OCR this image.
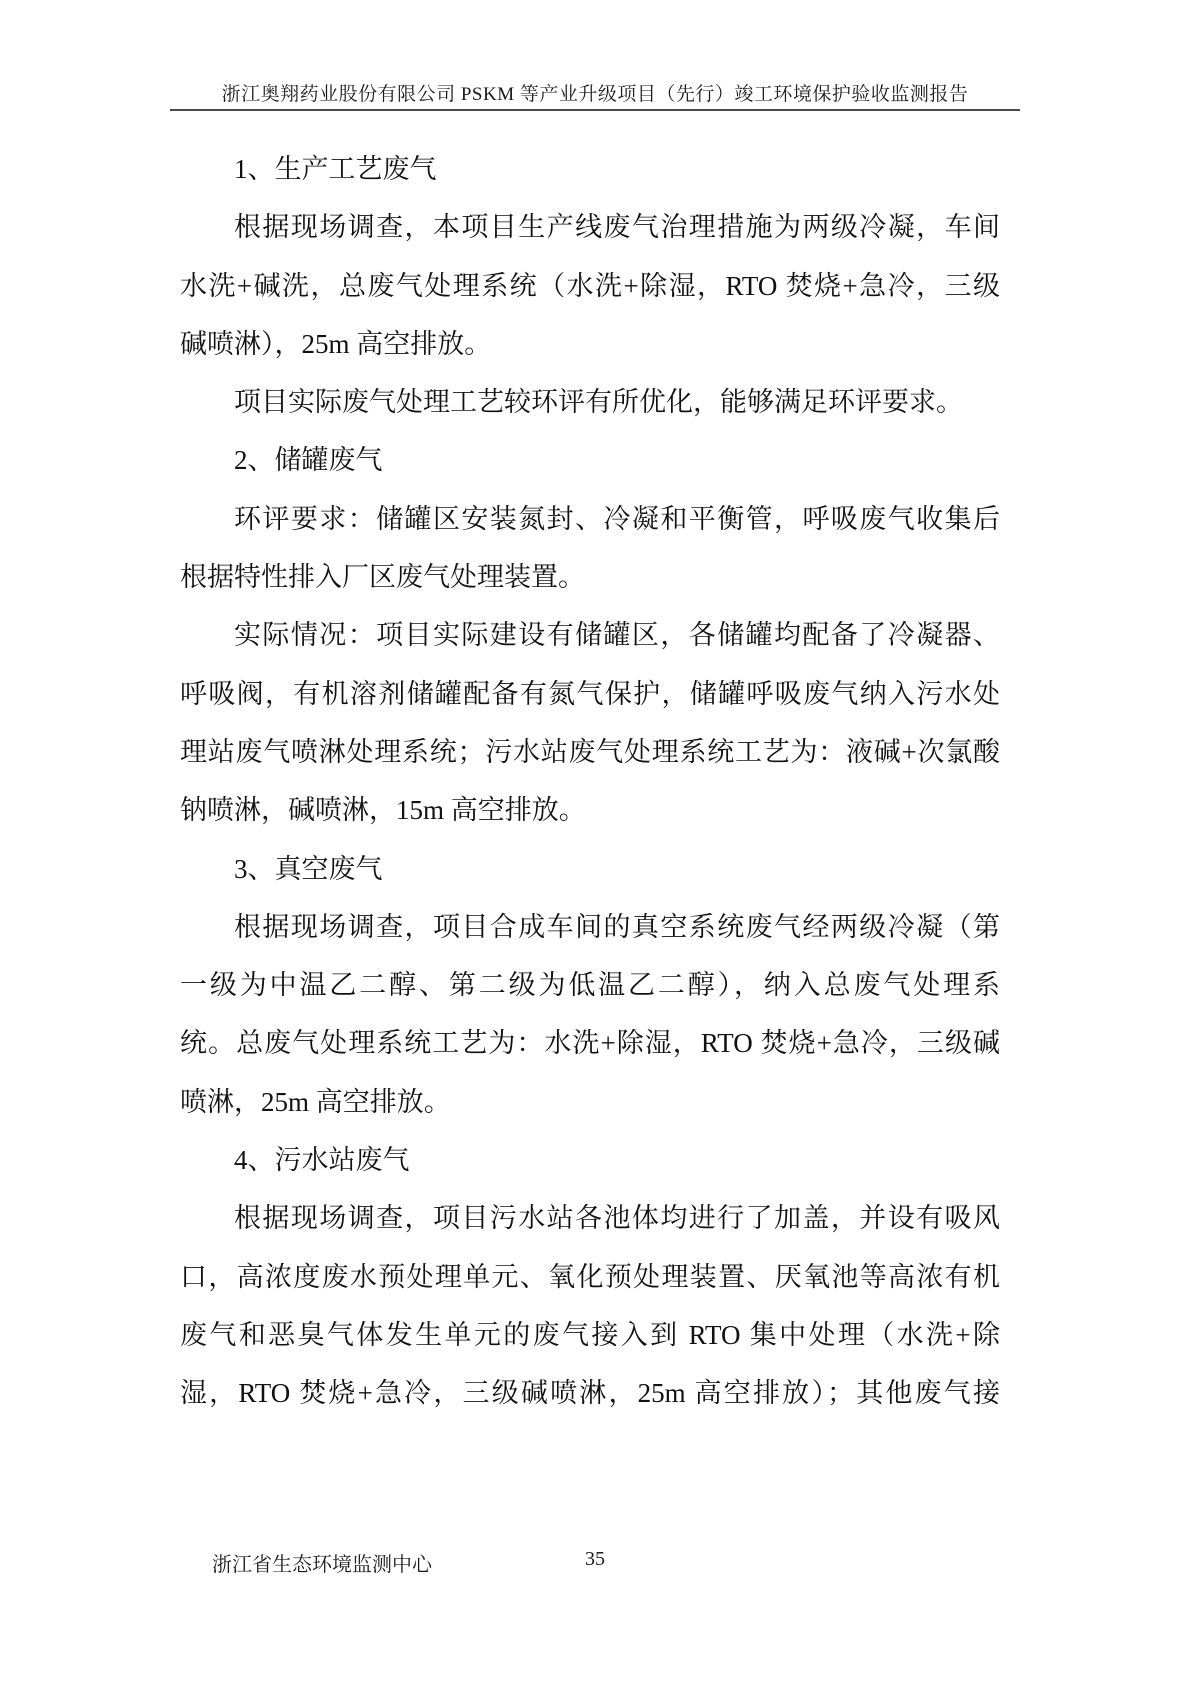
浙江奥翔药业股份有限公司 PSKM 等产业升级项目（先行）竣工环境保护验收监测报告
1、生产工艺废气
根据现场调查，本项目生产线废气治理措施为两级冷凝，车间
水洗+碱洗，总废气处理系统（水洗+除湿，RTO 焚烧+急冷，三级
碱喷淋），25m 高空排放。
项目实际废气处理工艺较环评有所优化，能够满足环评要求。
2、储罐废气
环评要求：储罐区安装氮封、冷凝和平衡管，呼吸废气收集后
根据特性排入厂区废气处理装置。
实际情况：项目实际建设有储罐区，各储罐均配备了冷凝器、
呼吸阀，有机溶剂储罐配备有氮气保护，储罐呼吸废气纳入污水处
理站废气喷淋处理系统；污水站废气处理系统工艺为：液碱+次氯酸
钠喷淋，碱喷淋，15m 高空排放。
3、真空废气
根据现场调查，项目合成车间的真空系统废气经两级冷凝（第
一级为中温乙二醇、第二级为低温乙二醇），纳入总废气处理系
统。总废气处理系统工艺为：水洗+除湿，RTO 焚烧+急冷，三级碱
喷淋，25m 高空排放。
4、污水站废气
根据现场调查，项目污水站各池体均进行了加盖，并设有吸风
口，高浓度废水预处理单元、氧化预处理装置、厌氧池等高浓有机
废气和恶臭气体发生单元的废气接入到 RTO 集中处理（水洗+除
湿，RTO 焚烧+急冷，三级碱喷淋，25m 高空排放）；其他废气接
浙江省生态环境监测中心	35
